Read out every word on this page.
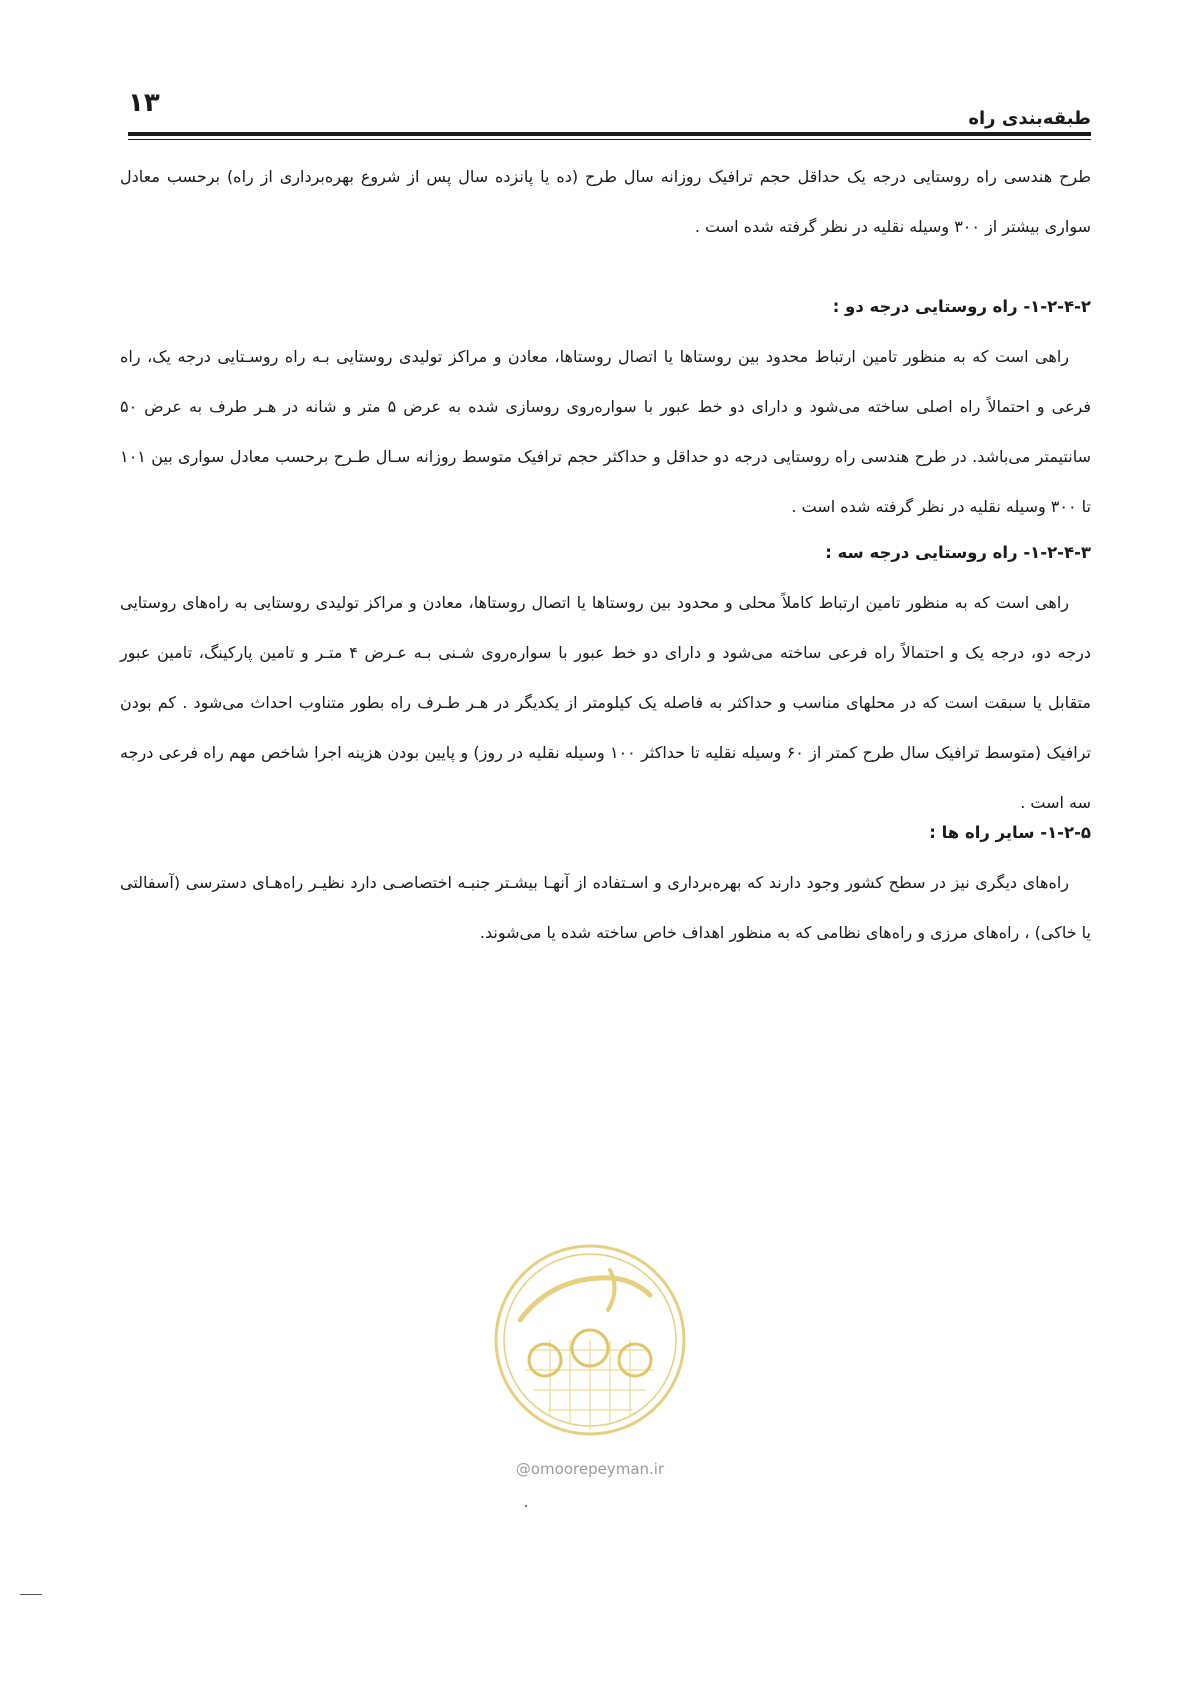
۱۳
طبقه‌بندی راه

طرح هندسی راه روستایی درجه یک حداقل حجم ترافیک روزانه سال طرح (ده یا پانزده سال پس از شروع بهره‌برداری از راه) برحسب معادل سواری بیشتر از ۳۰۰ وسیله نقلیه در نظر گرفته شده است .

۱-۲-۴-۲- راه روستایی درجه دو :

راهی است که به منظور تامین ارتباط محدود بین روستاها یا اتصال روستاها، معادن و مراکز تولیدی روستایی بـه راه روسـتایی درجه یک، راه فرعی و احتمالاً راه اصلی ساخته می‌شود و دارای دو خط عبور با سواره‌روی روسازی شده به عرض ۵ متر و شانه در هـر طرف به عرض ۵۰ سانتیمتر می‌باشد. در طرح هندسی راه روستایی درجه دو حداقل و حداکثر حجم ترافیک متوسط روزانه سـال طـرح برحسب معادل سواری بین ۱۰۱ تا ۳۰۰ وسیله نقلیه در نظر گرفته شده است .

۱-۲-۴-۳- راه روستایی درجه سه :

راهی است که به منظور تامین ارتباط کاملاً محلی و محدود بین روستاها یا اتصال روستاها، معادن و مراکز تولیدی روستایی به راه‌های روستایی درجه دو، درجه یک و احتمالاً راه فرعی ساخته می‌شود و دارای دو خط عبور با سواره‌روی شـنی بـه عـرض ۴ متـر و تامین پارکینگ، تامین عبور متقابل یا سبقت است که در محلهای مناسب و حداکثر به فاصله یک کیلومتر از یکدیگر در هـر طـرف راه بطور متناوب احداث می‌شود . کم بودن ترافیک (متوسط ترافیک سال طرح کمتر از ۶۰ وسیله نقلیه تا حداکثر ۱۰۰ وسیله نقلیه در روز) و پایین بودن هزینه اجرا شاخص مهم راه فرعی درجه سه است .

۱-۲-۵- سایر راه ها :

راه‌های دیگری نیز در سطح کشور وجود دارند که بهره‌برداری و اسـتفاده از آنهـا بیشـتر جنبـه اختصاصـی دارد نظیـر راه‌هـای دسترسی (آسفالتی یا خاکی) ، راه‌های مرزی و راه‌های نظامی که به منظور اهداف خاص ساخته شده یا می‌شوند.

@omoorepeyman.ir
